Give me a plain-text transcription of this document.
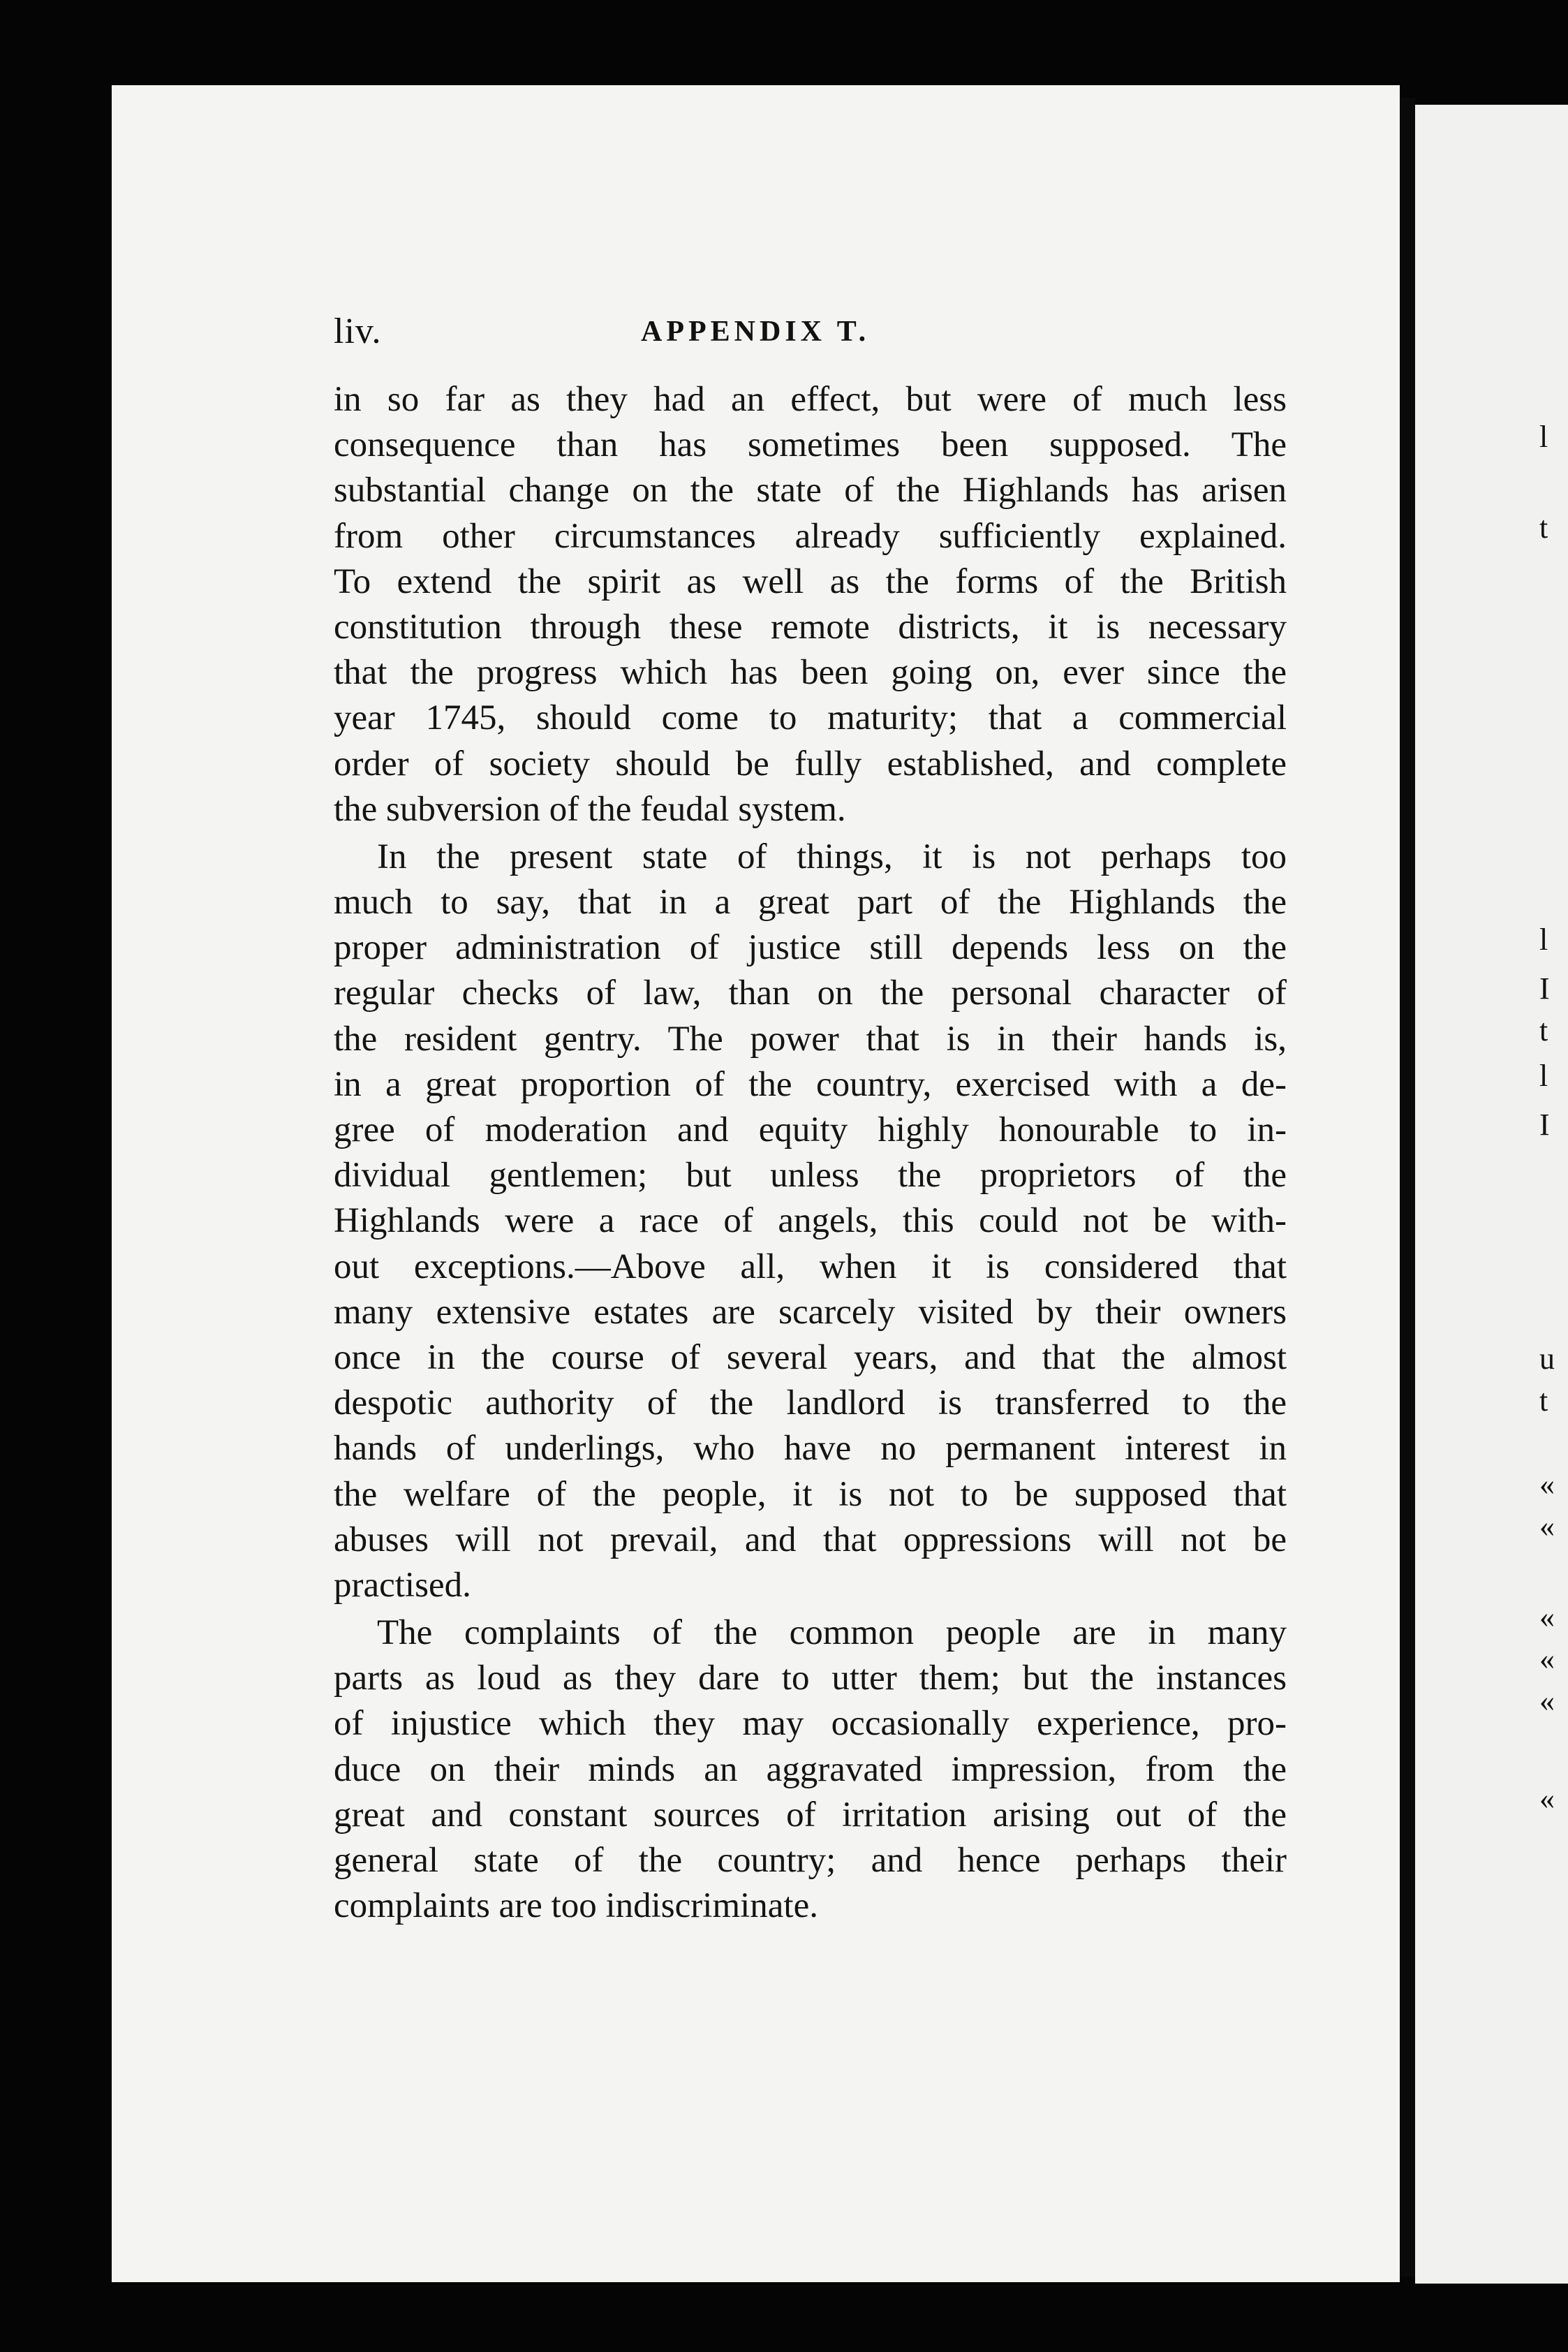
liv.	APPENDIX T.
in so far as they had an effect, but were of much less
consequence than has sometimes been supposed. The
substantial change on the state of the Highlands has arisen
from other circumstances already sufficiently explained.
To extend the spirit as well as the forms of the British
constitution through these remote districts, it is necessary
that the progress which has been going on, ever since the
year 1745, should come to maturity; that a commercial
order of society should be fully established, and complete
the subversion of the feudal system.
In the present state of things, it is not perhaps too
much to say, that in a great part of the Highlands the
proper administration of justice still depends less on the
regular checks of law, than on the personal character of
the resident gentry. The power that is in their hands is,
in a great proportion of the country, exercised with a de-
gree of moderation and equity highly honourable to in-
dividual gentlemen; but unless the proprietors of the
Highlands were a race of angels, this could not be with-
out exceptions.—Above all, when it is considered that
many extensive estates are scarcely visited by their owners
once in the course of several years, and that the almost
despotic authority of the landlord is transferred to the
hands of underlings, who have no permanent interest in
the welfare of the people, it is not to be supposed that
abuses will not prevail, and that oppressions will not be
practised.
The complaints of the common people are in many
parts as loud as they dare to utter them; but the instances
of injustice which they may occasionally experience, pro-
duce on their minds an aggravated impression, from the
great and constant sources of irritation arising out of the
general state of the country; and hence perhaps their
complaints are too indiscriminate.
l
t
l
I
t
l
I
u
t
«
«
«
«
«
«
